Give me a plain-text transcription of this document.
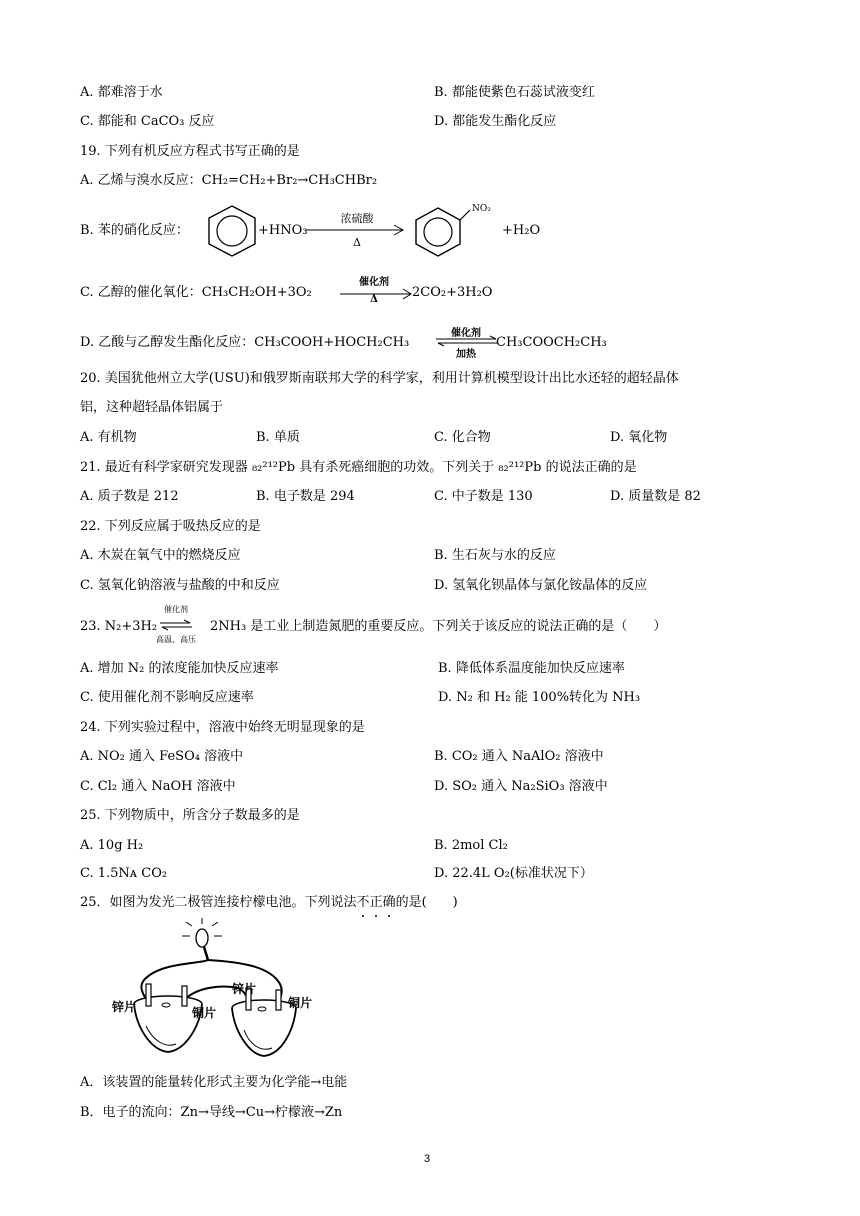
A. 都难溶于水	B. 都能使紫色石蕊试液变红
C. 都能和 CaCO₃ 反应	D. 都能发生酯化反应
19. 下列有机反应方程式书写正确的是
A. 乙烯与溴水反应：CH₂=CH₂+Br₂→CH₃CHBr₂
B. 苯的硝化反应：	+HNO₃
浓硫酸
Δ
NO₂
+H₂O
C. 乙醇的催化氧化：CH₃CH₂OH+3O₂
催化剂
Δ	2CO₂+3H₂O
D. 乙酸与乙醇发生酯化反应：CH₃COOH+HOCH₂CH₃
催化剂
加热
CH₃COOCH₂CH₃
20. 美国犹他州立大学(USU)和俄罗斯南联邦大学的科学家，利用计算机模型设计出比水还轻的超轻晶体
铝，这种超轻晶体铝属于
A. 有机物	B. 单质	C. 化合物	D. 氧化物
21. 最近有科学家研究发现器 ₈₂²¹²Pb 具有杀死癌细胞的功效。下列关于 ₈₂²¹²Pb 的说法正确的是
A. 质子数是 212	B. 电子数是 294	C. 中子数是 130	D. 质量数是 82
22. 下列反应属于吸热反应的是
A. 木炭在氧气中的燃烧反应	B. 生石灰与水的反应
C. 氢氧化钠溶液与盐酸的中和反应	D. 氢氧化钡晶体与氯化铵晶体的反应
23. N₂+3H₂
催化剂
高温、高压
2NH₃ 是工业上制造氮肥的重要反应。下列关于该反应的说法正确的是（　　）
A. 增加 N₂ 的浓度能加快反应速率	B. 降低体系温度能加快反应速率
C. 使用催化剂不影响反应速率	D. N₂ 和 H₂ 能 100%转化为 NH₃
24. 下列实验过程中，溶液中始终无明显现象的是
A. NO₂ 通入 FeSO₄ 溶液中	B. CO₂ 通入 NaAlO₂ 溶液中
C. Cl₂ 通入 NaOH 溶液中	D. SO₂ 通入 Na₂SiO₃ 溶液中
25. 下列物质中，所含分子数最多的是
A. 10g H₂	B. 2mol Cl₂
C. 1.5Nᴀ CO₂	D. 22.4L O₂(标准状况下）
25．如图为发光二极管连接柠檬电池。下列说法不正确的是(　　)
锌片	铜片
锌片
铜片
A．该装置的能量转化形式主要为化学能→电能
B．电子的流向：Zn→导线→Cu→柠檬液→Zn
3
